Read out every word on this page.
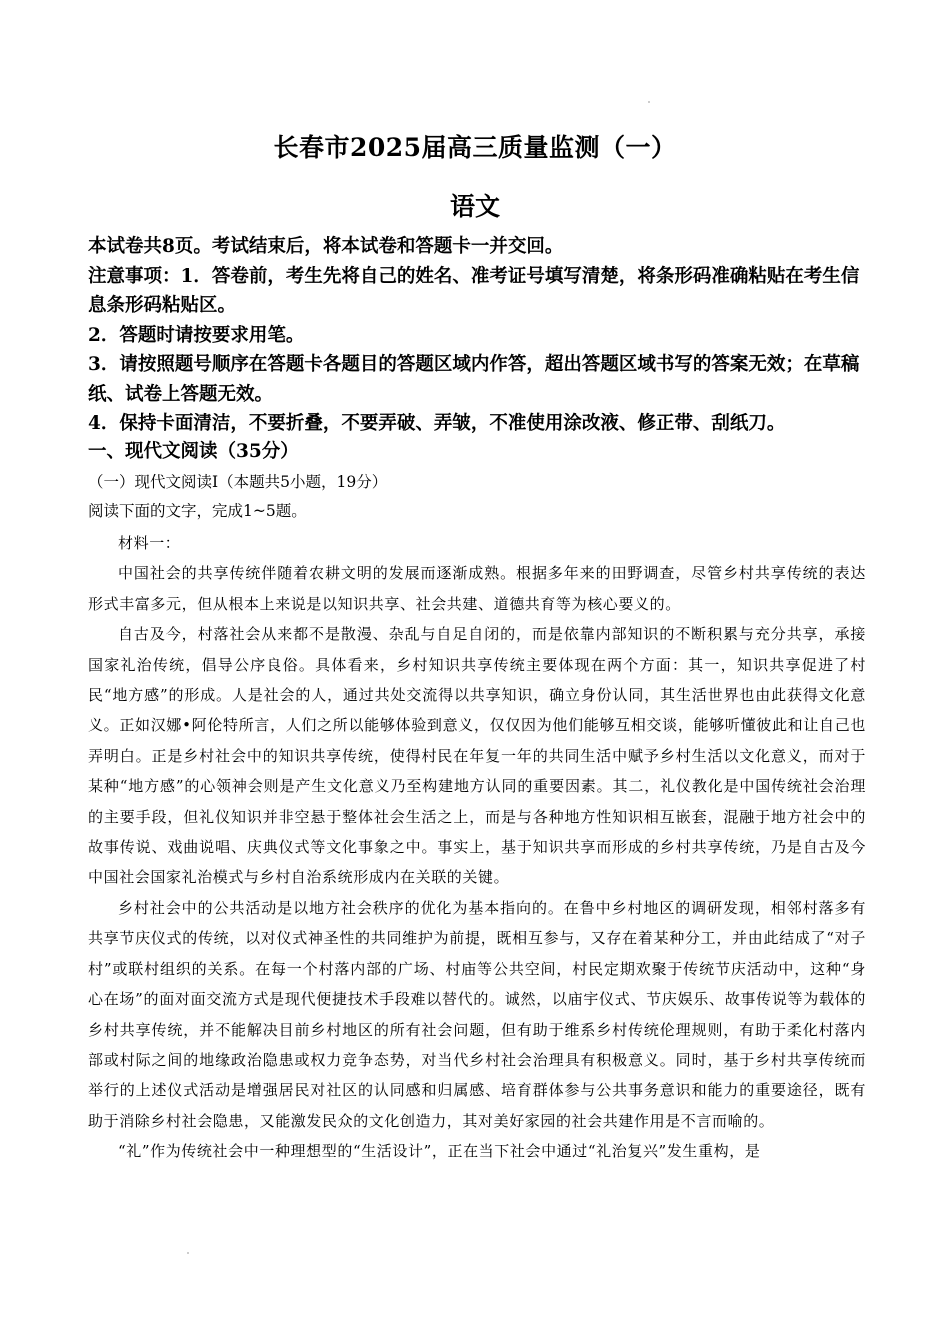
长春市2025届高三质量监测（一）
语文

本试卷共8页。考试结束后，将本试卷和答题卡一并交回。

注意事项：1．答卷前，考生先将自己的姓名、准考证号填写清楚，将条形码准确粘贴在考生信息条形码粘贴区。

2．答题时请按要求用笔。

3．请按照题号顺序在答题卡各题目的答题区域内作答，超出答题区域书写的答案无效；在草稿纸、试卷上答题无效。

4．保持卡面清洁，不要折叠，不要弄破、弄皱，不准使用涂改液、修正带、刮纸刀。

一、现代文阅读（35分）
（一）现代文阅读Ⅰ（本题共5小题，19分）
阅读下面的文字，完成1~5题。

材料一：

中国社会的共享传统伴随着农耕文明的发展而逐渐成熟。根据多年来的田野调查，尽管乡村共享传统的表达形式丰富多元，但从根本上来说是以知识共享、社会共建、道德共育等为核心要义的。

自古及今，村落社会从来都不是散漫、杂乱与自足自闭的，而是依靠内部知识的不断积累与充分共享，承接国家礼治传统，倡导公序良俗。具体看来，乡村知识共享传统主要体现在两个方面：其一，知识共享促进了村民“地方感”的形成。人是社会的人，通过共处交流得以共享知识，确立身份认同，其生活世界也由此获得文化意义。正如汉娜•阿伦特所言，人们之所以能够体验到意义，仅仅因为他们能够互相交谈，能够听懂彼此和让自己也弄明白。正是乡村社会中的知识共享传统，使得村民在年复一年的共同生活中赋予乡村生活以文化意义，而对于某种“地方感”的心领神会则是产生文化意义乃至构建地方认同的重要因素。其二，礼仪教化是中国传统社会治理的主要手段，但礼仪知识并非空悬于整体社会生活之上，而是与各种地方性知识相互嵌套，混融于地方社会中的故事传说、戏曲说唱、庆典仪式等文化事象之中。事实上，基于知识共享而形成的乡村共享传统，乃是自古及今中国社会国家礼治模式与乡村自治系统形成内在关联的关键。

乡村社会中的公共活动是以地方社会秩序的优化为基本指向的。在鲁中乡村地区的调研发现，相邻村落多有共享节庆仪式的传统，以对仪式神圣性的共同维护为前提，既相互参与，又存在着某种分工，并由此结成了“对子村”或联村组织的关系。在每一个村落内部的广场、村庙等公共空间，村民定期欢聚于传统节庆活动中，这种“身心在场”的面对面交流方式是现代便捷技术手段难以替代的。诚然，以庙宇仪式、节庆娱乐、故事传说等为载体的乡村共享传统，并不能解决目前乡村地区的所有社会问题，但有助于维系乡村传统伦理规则，有助于柔化村落内部或村际之间的地缘政治隐患或权力竞争态势，对当代乡村社会治理具有积极意义。同时，基于乡村共享传统而举行的上述仪式活动是增强居民对社区的认同感和归属感、培育群体参与公共事务意识和能力的重要途径，既有助于消除乡村社会隐患，又能激发民众的文化创造力，其对美好家园的社会共建作用是不言而喻的。

“礼”作为传统社会中一种理想型的“生活设计”，正在当下社会中通过“礼治复兴”发生重构，是
